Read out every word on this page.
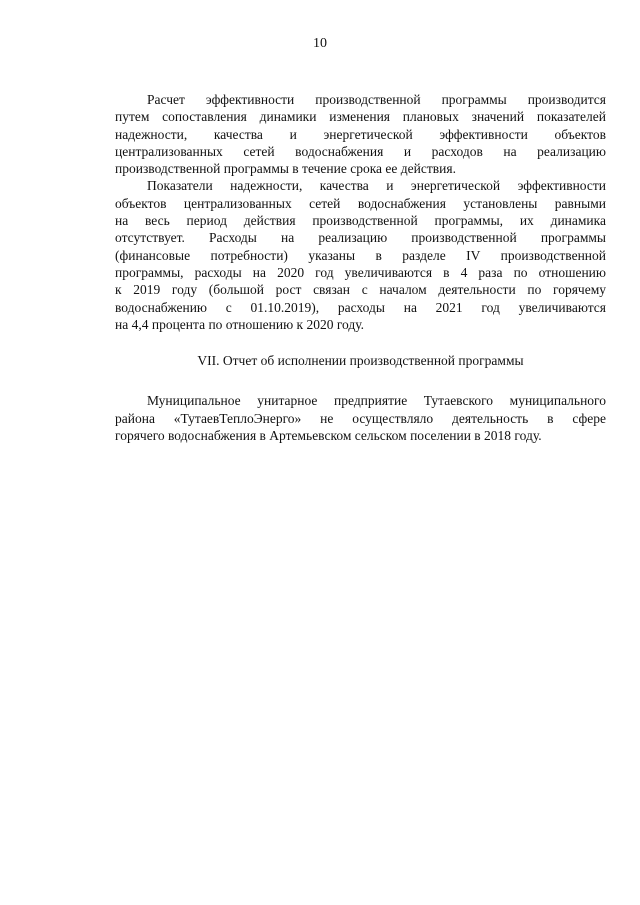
10
Расчет эффективности производственной программы производится
путем сопоставления динамики изменения плановых значений показателей
надежности, качества и энергетической эффективности объектов
централизованных сетей водоснабжения и расходов на реализацию
производственной программы в течение срока ее действия.
Показатели надежности, качества и энергетической эффективности
объектов централизованных сетей водоснабжения установлены равными
на весь период действия производственной программы, их динамика
отсутствует. Расходы на реализацию производственной программы
(финансовые потребности) указаны в разделе IV производственной
программы, расходы на 2020 год увеличиваются в 4 раза по отношению
к 2019 году (большой рост связан с началом деятельности по горячему
водоснабжению с 01.10.2019), расходы на 2021 год увеличиваются
на 4,4 процента по отношению к 2020 году.
VII. Отчет об исполнении производственной программы
Муниципальное унитарное предприятие Тутаевского муниципального
района «ТутаевТеплоЭнерго» не осуществляло деятельность в сфере
горячего водоснабжения в Артемьевском сельском поселении в 2018 году.
